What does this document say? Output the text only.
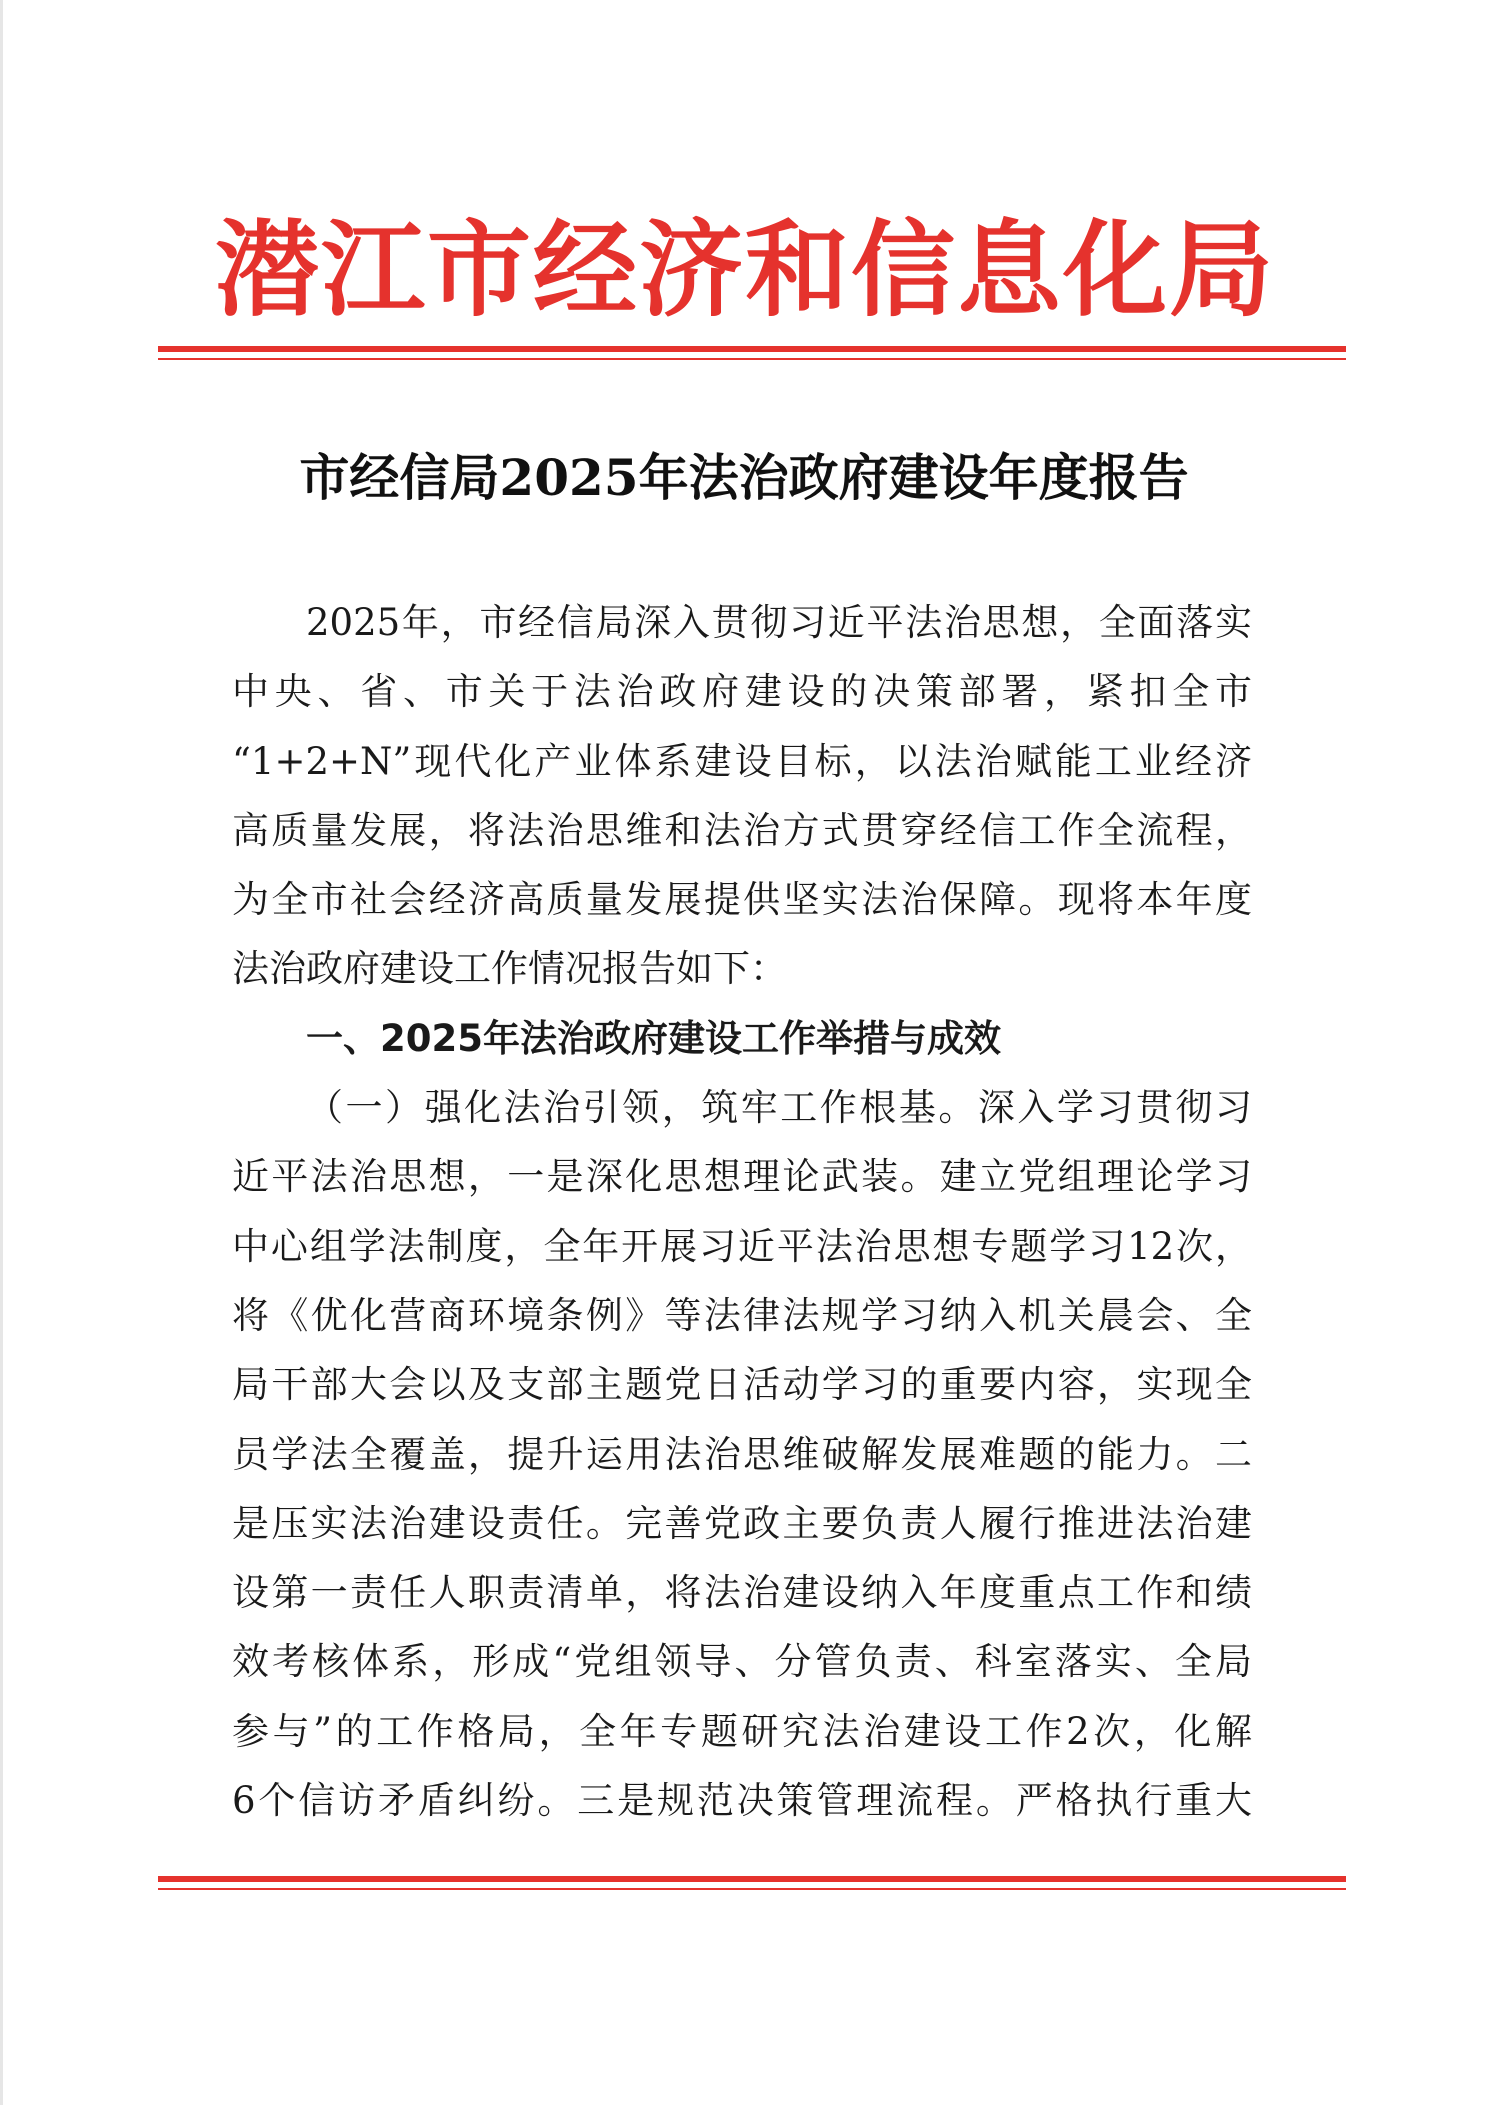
潜江市经济和信息化局
市经信局2025年法治政府建设年度报告
2025年，市经信局深入贯彻习近平法治思想，全面落实
中央、省、市关于法治政府建设的决策部署，紧扣全市
“1+2+N”现代化产业体系建设目标，以法治赋能工业经济
高质量发展，将法治思维和法治方式贯穿经信工作全流程，
为全市社会经济高质量发展提供坚实法治保障。现将本年度
法治政府建设工作情况报告如下：
一、2025年法治政府建设工作举措与成效
（一）强化法治引领，筑牢工作根基。深入学习贯彻习
近平法治思想，一是深化思想理论武装。建立党组理论学习
中心组学法制度，全年开展习近平法治思想专题学习12次，
将《优化营商环境条例》等法律法规学习纳入机关晨会、全
局干部大会以及支部主题党日活动学习的重要内容，实现全
员学法全覆盖，提升运用法治思维破解发展难题的能力。二
是压实法治建设责任。完善党政主要负责人履行推进法治建
设第一责任人职责清单，将法治建设纳入年度重点工作和绩
效考核体系，形成“党组领导、分管负责、科室落实、全局
参与”的工作格局，全年专题研究法治建设工作2次，化解
6个信访矛盾纠纷。三是规范决策管理流程。严格执行重大
